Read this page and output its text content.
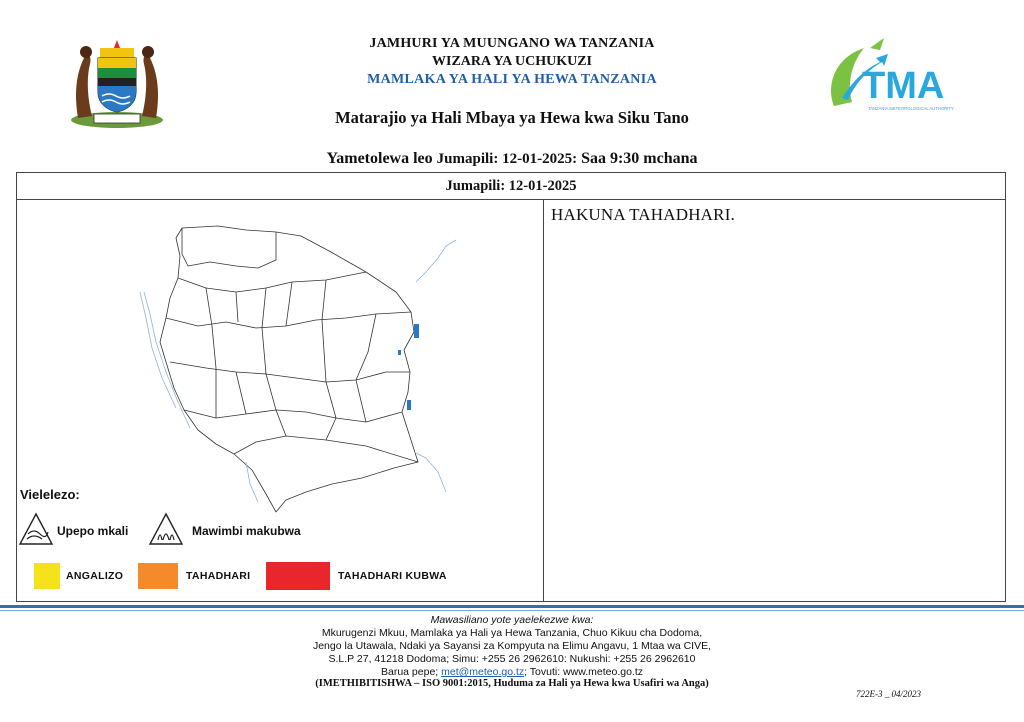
TMA
TANZANIA METEOROLOGICAL AUTHORITY
JAMHURI YA MUUNGANO WA TANZANIA
WIZARA YA UCHUKUZI
MAMLAKA YA HALI YA HEWA TANZANIA
Matarajio ya Hali Mbaya ya Hewa kwa Siku Tano
Yametolewa leo Jumapili: 12-01-2025: Saa 9:30 mchana
Jumapili: 12-01-2025
HAKUNA TAHADHARI.
Vielelezo:
Upepo mkali	Mawimbi makubwa
ANGALIZO	TAHADHARI	TAHADHARI KUBWA
Mawasiliano yote yaelekezwe kwa:
Mkurugenzi Mkuu, Mamlaka ya Hali ya Hewa Tanzania, Chuo Kikuu cha Dodoma,
Jengo la Utawala, Ndaki ya Sayansi za Kompyuta na Elimu Angavu, 1 Mtaa wa CIVE,
S.L.P 27, 41218 Dodoma; Simu: +255 26 2962610: Nukushi: +255 26 2962610
Barua pepe; met@meteo.go.tz; Tovuti: www.meteo.go.tz
(IMETHIBITISHWA – ISO 9001:2015, Huduma za Hali ya Hewa kwa Usafiri wa Anga)
722E-3 _ 04/2023
